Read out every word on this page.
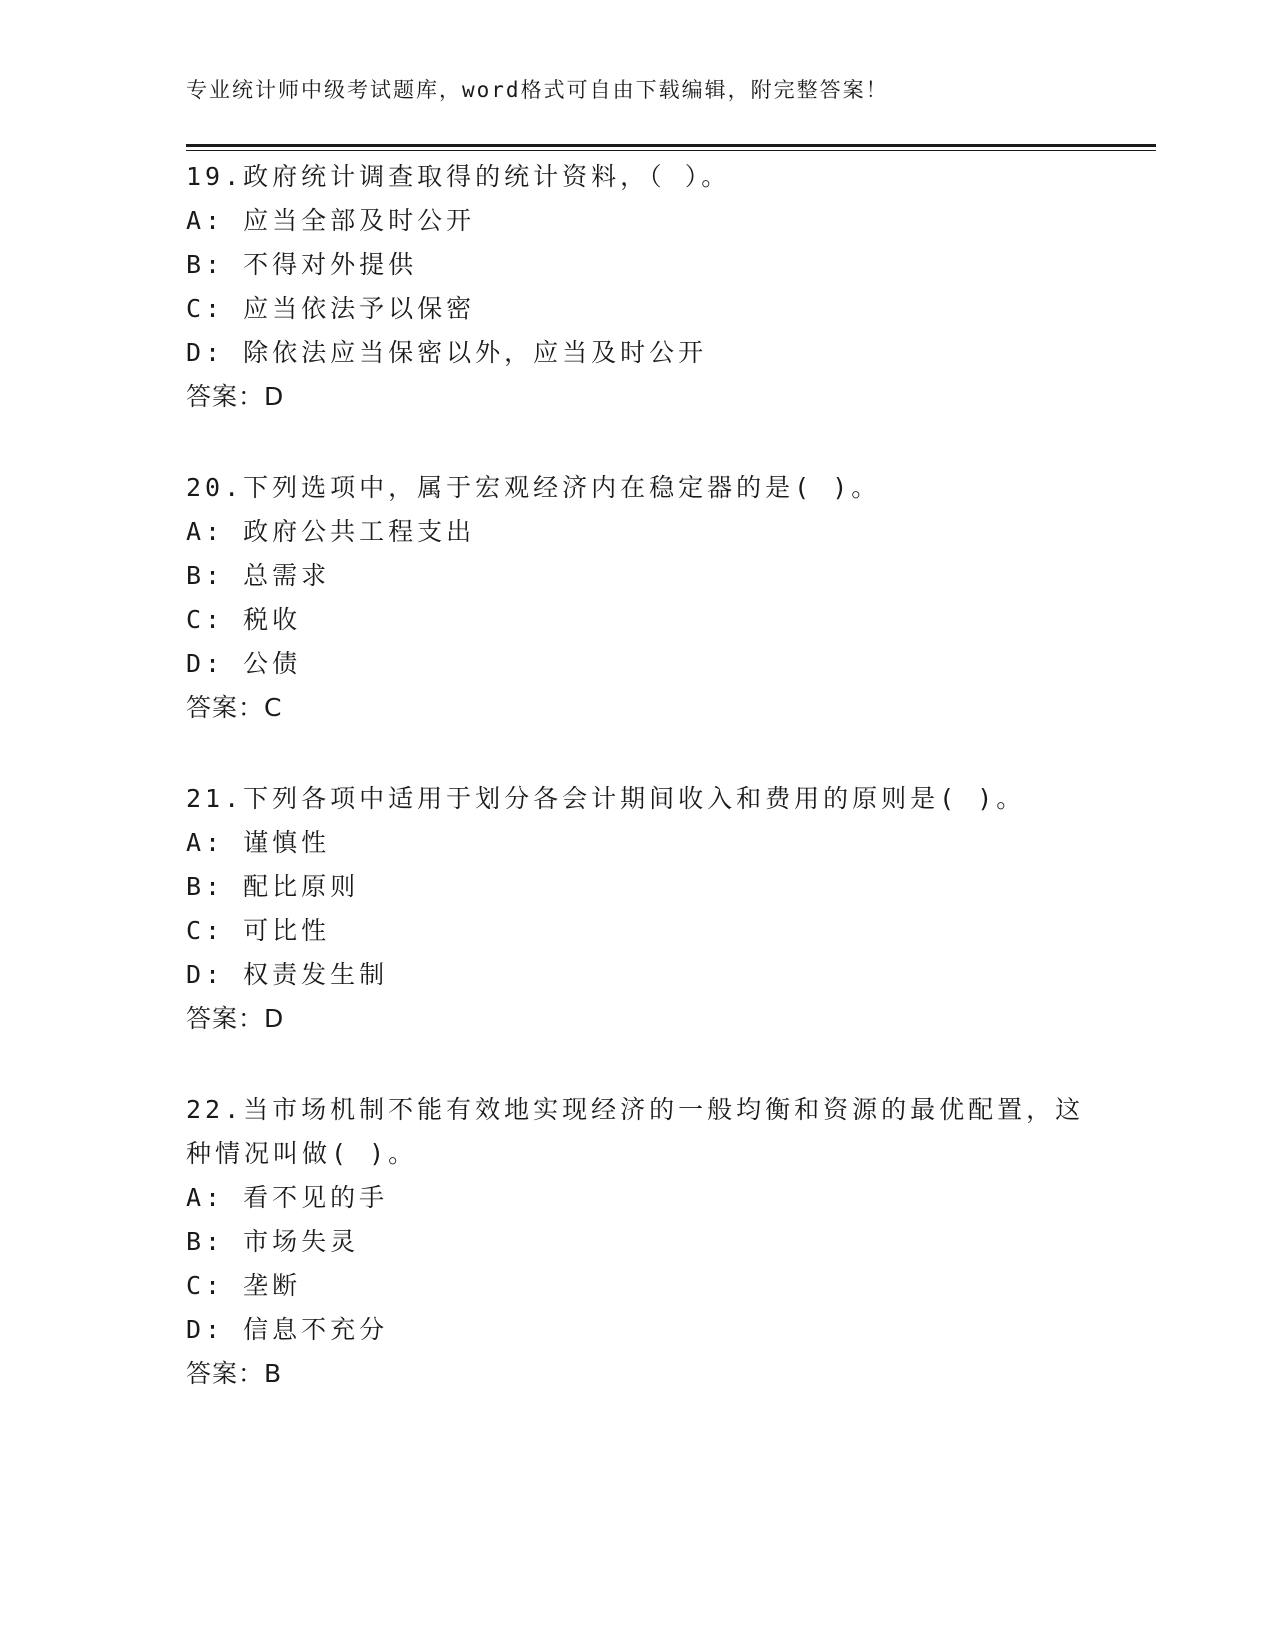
专业统计师中级考试题库，word格式可自由下载编辑，附完整答案！
19.政府统计调查取得的统计资料，（ ）。
A: 应当全部及时公开
B: 不得对外提供
C: 应当依法予以保密
D: 除依法应当保密以外，应当及时公开
答案：D
20.下列选项中，属于宏观经济内在稳定器的是( )。
A: 政府公共工程支出
B: 总需求
C: 税收
D: 公债
答案：C
21.下列各项中适用于划分各会计期间收入和费用的原则是( )。
A: 谨慎性
B: 配比原则
C: 可比性
D: 权责发生制
答案：D
22.当市场机制不能有效地实现经济的一般均衡和资源的最优配置，这
种情况叫做( )。
A: 看不见的手
B: 市场失灵
C: 垄断
D: 信息不充分
答案：B
